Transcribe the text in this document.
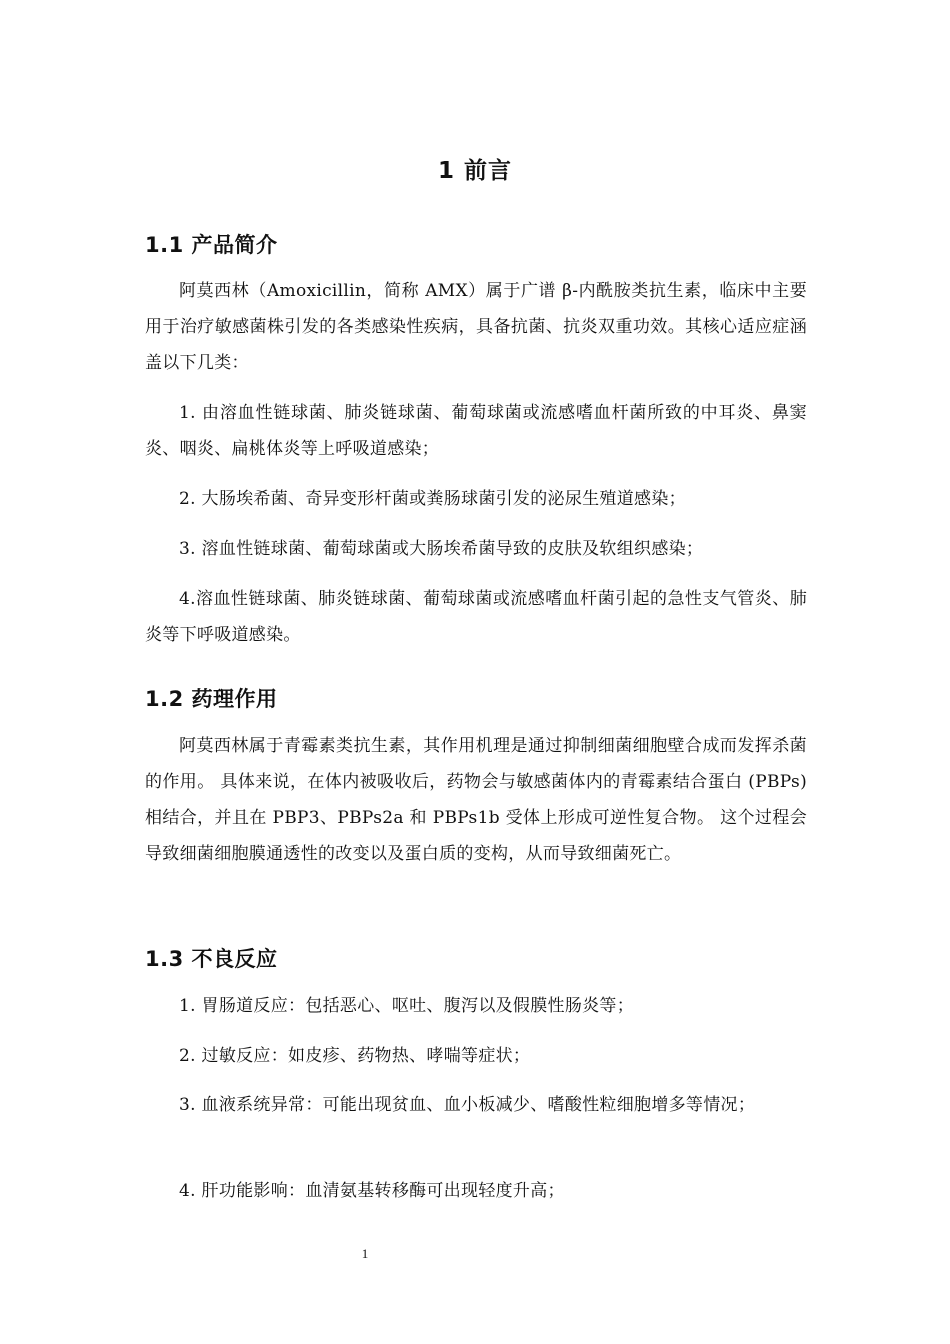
1 前言
1.1 产品简介

阿莫西林（Amoxicillin，简称 AMX）属于广谱 β-内酰胺类抗生素，临床中主要用于治疗敏感菌株引发的各类感染性疾病，具备抗菌、抗炎双重功效。其核心适应症涵盖以下几类：

1. 由溶血性链球菌、肺炎链球菌、葡萄球菌或流感嗜血杆菌所致的中耳炎、鼻窦炎、咽炎、扁桃体炎等上呼吸道感染；

2. 大肠埃希菌、奇异变形杆菌或粪肠球菌引发的泌尿生殖道感染；

3. 溶血性链球菌、葡萄球菌或大肠埃希菌导致的皮肤及软组织感染；

4.溶血性链球菌、肺炎链球菌、葡萄球菌或流感嗜血杆菌引起的急性支气管炎、肺炎等下呼吸道感染。

1.2 药理作用

阿莫西林属于青霉素类抗生素，其作用机理是通过抑制细菌细胞壁合成而发挥杀菌的作用。 具体来说，在体内被吸收后，药物会与敏感菌体内的青霉素结合蛋白 (PBPs)相结合，并且在 PBP3、PBPs2a 和 PBPs1b 受体上形成可逆性复合物。 这个过程会导致细菌细胞膜通透性的改变以及蛋白质的变构，从而导致细菌死亡。

1.3 不良反应

1. 胃肠道反应：包括恶心、呕吐、腹泻以及假膜性肠炎等；

2. 过敏反应：如皮疹、药物热、哮喘等症状；

3. 血液系统异常：可能出现贫血、血小板减少、嗜酸性粒细胞增多等情况；

4. 肝功能影响：血清氨基转移酶可出现轻度升高；

1
